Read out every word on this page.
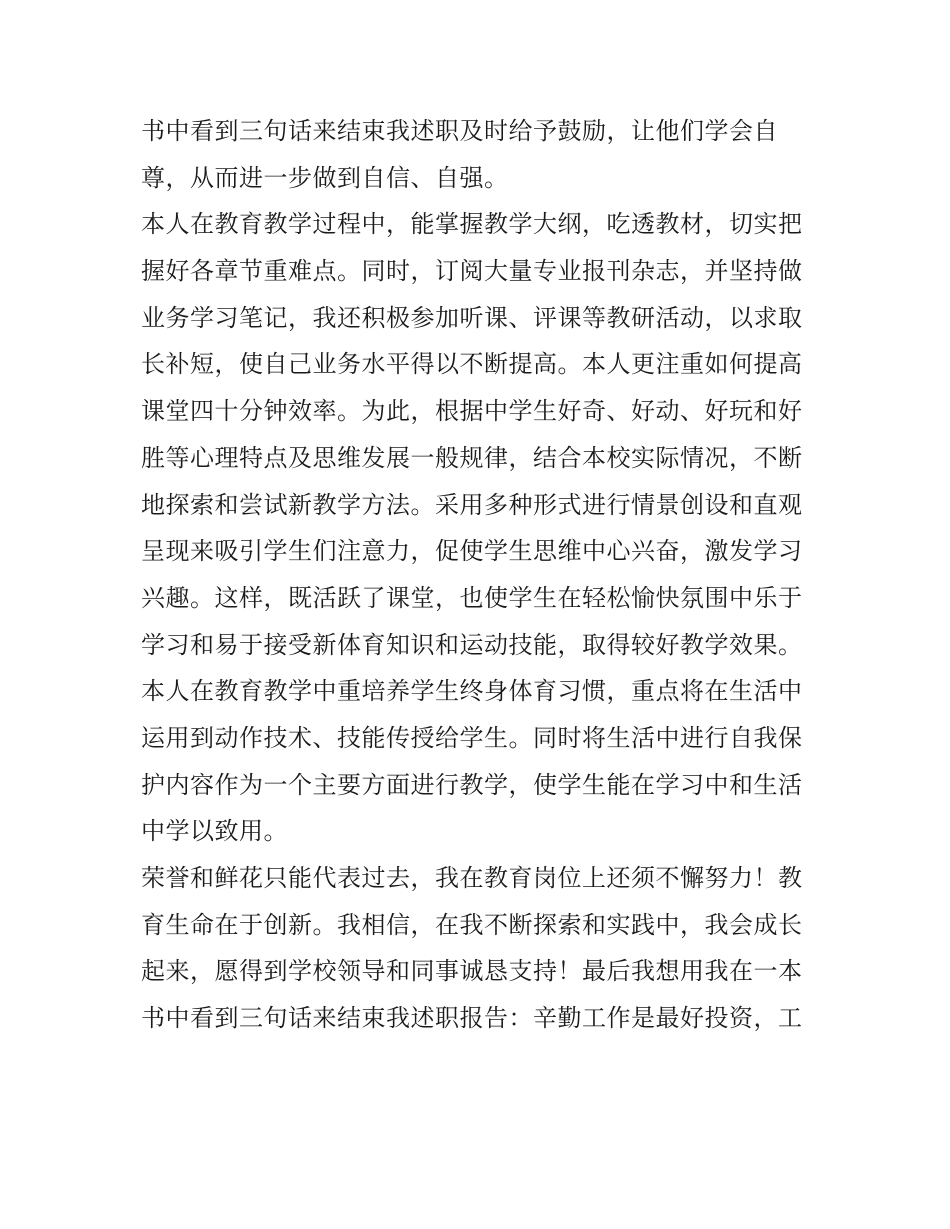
书中看到三句话来结束我述职及时给予鼓励，让他们学会自
尊，从而进一步做到自信、自强。
本人在教育教学过程中，能掌握教学大纲，吃透教材，切实把
握好各章节重难点。同时，订阅大量专业报刊杂志，并坚持做
业务学习笔记，我还积极参加听课、评课等教研活动，以求取
长补短，使自己业务水平得以不断提高。本人更注重如何提高
课堂四十分钟效率。为此，根据中学生好奇、好动、好玩和好
胜等心理特点及思维发展一般规律，结合本校实际情况，不断
地探索和尝试新教学方法。采用多种形式进行情景创设和直观
呈现来吸引学生们注意力，促使学生思维中心兴奋，激发学习
兴趣。这样，既活跃了课堂，也使学生在轻松愉快氛围中乐于
学习和易于接受新体育知识和运动技能，取得较好教学效果。
本人在教育教学中重培养学生终身体育习惯，重点将在生活中
运用到动作技术、技能传授给学生。同时将生活中进行自我保
护内容作为一个主要方面进行教学，使学生能在学习中和生活
中学以致用。
荣誉和鲜花只能代表过去，我在教育岗位上还须不懈努力！教
育生命在于创新。我相信，在我不断探索和实践中，我会成长
起来，愿得到学校领导和同事诚恳支持！最后我想用我在一本
书中看到三句话来结束我述职报告：辛勤工作是最好投资，工
